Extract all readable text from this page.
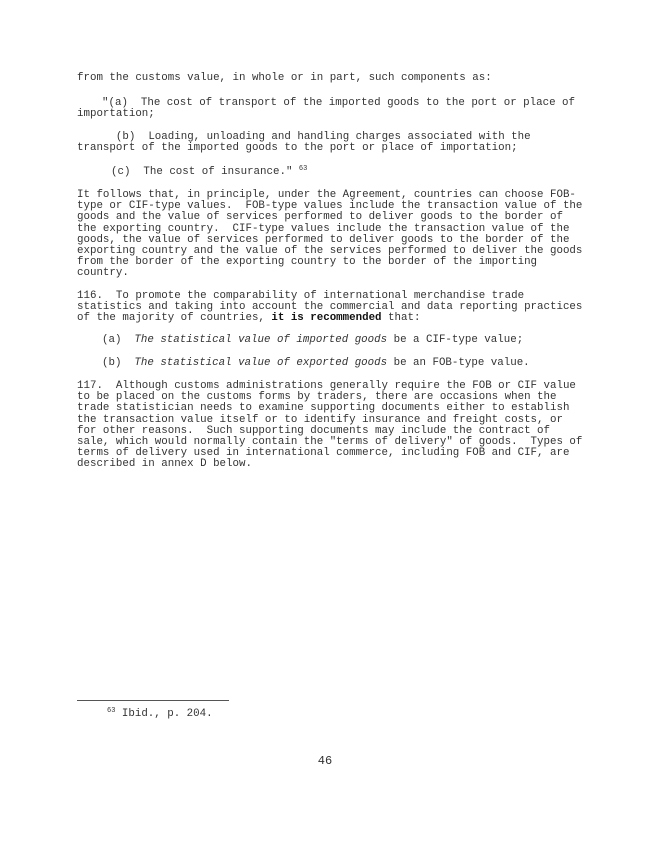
from the customs value, in whole or in part, such components as:

"(a)  The cost of transport of the imported goods to the port or place of
importation;

(b)  Loading, unloading and handling charges associated with the
transport of the imported goods to the port or place of importation;

(c)  The cost of insurance." $^{63}$

It follows that, in principle, under the Agreement, countries can choose FOB-
type or CIF-type values.  FOB-type values include the transaction value of the
goods and the value of services performed to deliver goods to the border of
the exporting country.  CIF-type values include the transaction value of the
goods, the value of services performed to deliver goods to the border of the
exporting country and the value of the services performed to deliver the goods
from the border of the exporting country to the border of the importing
country.

116.  To promote the comparability of international merchandise trade
statistics and taking into account the commercial and data reporting practices
of the majority of countries, it is recommended that:

(a)  The statistical value of imported goods be a CIF-type value;

(b)  The statistical value of exported goods be an FOB-type value.

117.  Although customs administrations generally require the FOB or CIF value
to be placed on the customs forms by traders, there are occasions when the
trade statistician needs to examine supporting documents either to establish
the transaction value itself or to identify insurance and freight costs, or
for other reasons.  Such supporting documents may include the contract of
sale, which would normally contain the "terms of delivery" of goods.  Types of
terms of delivery used in international commerce, including FOB and CIF, are
described in annex D below.

$^{63}$ Ibid., p. 204.
46
